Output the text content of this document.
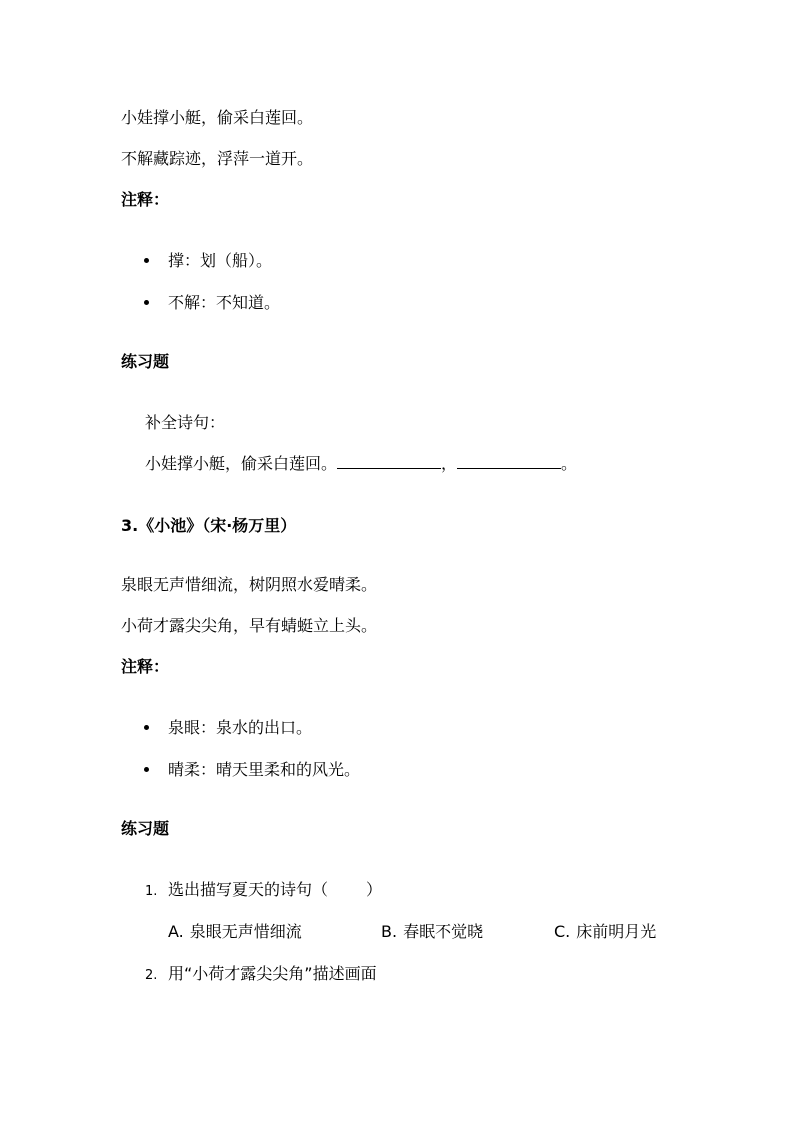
小娃撑小艇，偷采白莲回。
不解藏踪迹，浮萍一道开。
注释：
撑：划（船）。
不解：不知道。
练习题
补全诗句：
小娃撑小艇，偷采白莲回。	，	。
3.《小池》（宋·杨万里）
泉眼无声惜细流，树阴照水爱晴柔。
小荷才露尖尖角，早有蜻蜓立上头。
注释：
泉眼：泉水的出口。
晴柔：晴天里柔和的风光。
练习题
1. 选出描写夏天的诗句（ ）
A. 泉眼无声惜细流	B. 春眠不觉晓	C. 床前明月光
2. 用“小荷才露尖尖角”描述画面
